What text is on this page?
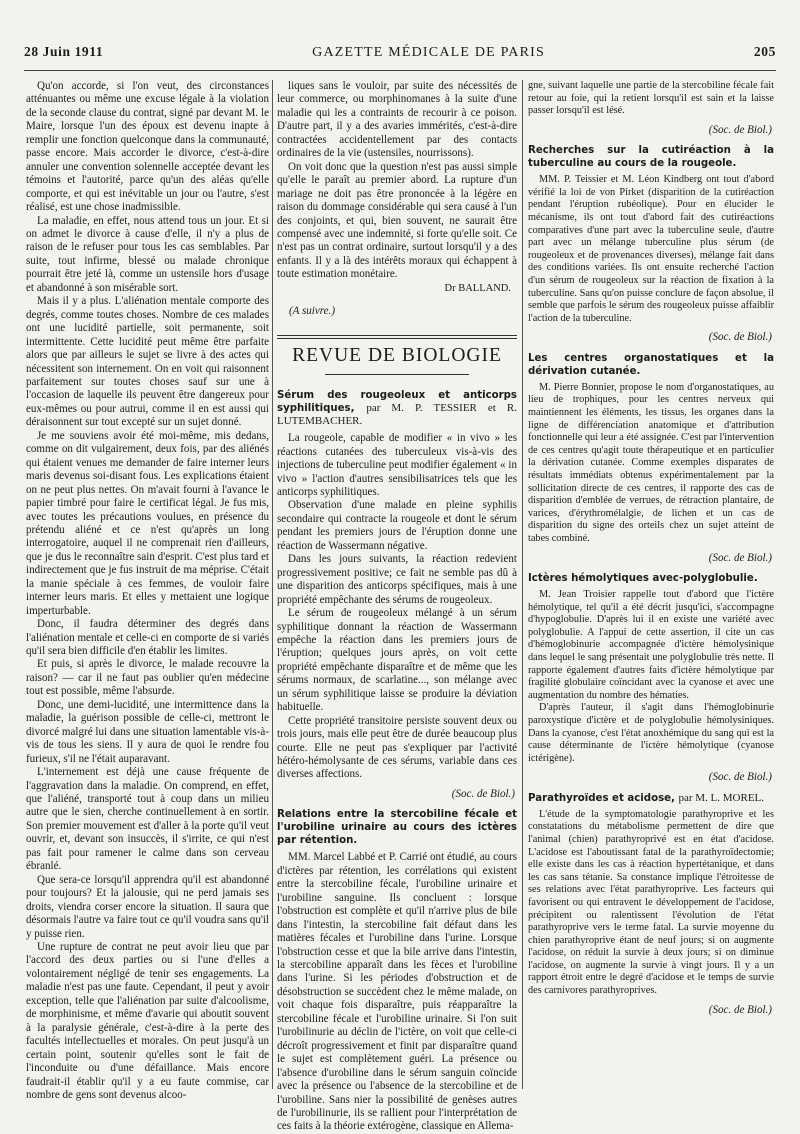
28 Juin 1911	GAZETTE MÉDICALE DE PARIS	205

Qu'on accorde, si l'on veut, des circonstances atténuantes ou même une excuse légale à la violation de la seconde clause du contrat, signé par devant M. le Maire, lorsque l'un des époux est devenu inapte à remplir une fonction quelconque dans la communauté, passe encore. Mais accorder le divorce, c'est-à-dire annuler une convention solennelle acceptée devant les témoins et l'autorité, parce qu'un des aléas qu'elle comporte, et qui est inévitable un jour ou l'autre, s'est réalisé, est une chose inadmissible.

La maladie, en effet, nous attend tous un jour. Et si on admet le divorce à cause d'elle, il n'y a plus de raison de le refuser pour tous les cas semblables. Par suite, tout infirme, blessé ou malade chronique pourrait être jeté là, comme un ustensile hors d'usage et abandonné à son misérable sort.

Mais il y a plus. L'aliénation mentale comporte des degrés, comme toutes choses. Nombre de ces malades ont une lucidité partielle, soit permanente, soit intermittente. Cette lucidité peut même être parfaite alors que par ailleurs le sujet se livre à des actes qui nécessitent son internement. On en voit qui raisonnent parfaitement sur toutes choses sauf sur une à l'occasion de laquelle ils peuvent être dangereux pour eux-mêmes ou pour autrui, comme il en est aussi qui déraisonnent sur tout excepté sur un sujet donné.

Je me souviens avoir été moi-même, mis dedans, comme on dit vulgairement, deux fois, par des aliénés qui étaient venues me demander de faire interner leurs maris devenus soi-disant fous. Les explications étaient on ne peut plus nettes. On m'avait fourni à l'avance le papier timbré pour faire le certificat légal. Je fus mis, avec toutes les précautions voulues, en présence du prétendu aliéné et ce n'est qu'après un long interrogatoire, auquel il ne comprenait rien d'ailleurs, que je dus le reconnaître sain d'esprit. C'est plus tard et indirectement que je fus instruit de ma méprise. C'était la manie spéciale à ces femmes, de vouloir faire interner leurs maris. Et elles y mettaient une logique imperturbable.

Donc, il faudra déterminer des degrés dans l'aliénation mentale et celle-ci en comporte de si variés qu'il sera bien difficile d'en établir les limites.

Et puis, si après le divorce, le malade recouvre la raison? — car il ne faut pas oublier qu'en médecine tout est possible, même l'absurde.

Donc, une demi-lucidité, une intermittence dans la maladie, la guérison possible de celle-ci, mettront le divorcé malgré lui dans une situation lamentable vis-à-vis de tous les siens. Il y aura de quoi le rendre fou furieux, s'il ne l'était auparavant.

L'internement est déjà une cause fréquente de l'aggravation dans la maladie. On comprend, en effet, que l'aliéné, transporté tout à coup dans un milieu autre que le sien, cherche continuellement à en sortir. Son premier mouvement est d'aller à la porte qu'il veut ouvrir, et, devant son insuccès, il s'irrite, ce qui n'est pas fait pour ramener le calme dans son cerveau ébranlé.

Que sera-ce lorsqu'il apprendra qu'il est abandonné pour toujours? Et la jalousie, qui ne perd jamais ses droits, viendra corser encore la situation. Il saura que désormais l'autre va faire tout ce qu'il voudra sans qu'il y puisse rien.

Une rupture de contrat ne peut avoir lieu que par l'accord des deux parties ou si l'une d'elles a volontairement négligé de tenir ses engagements. La maladie n'est pas une faute. Cependant, il peut y avoir exception, telle que l'aliénation par suite d'alcoolisme, de morphinisme, et même d'avarie qui aboutit souvent à la paralysie générale, c'est-à-dire à la perte des facultés intellectuelles et morales. On peut jusqu'à un certain point, soutenir qu'elles sont le fait de l'inconduite ou d'une défaillance. Mais encore faudrait-il établir qu'il y a eu faute commise, car nombre de gens sont devenus alcoo-

liques sans le vouloir, par suite des nécessités de leur commerce, ou morphinomanes à la suite d'une maladie qui les a contraints de recourir à ce poison. D'autre part, il y a des avaries immérités, c'est-à-dire contractées accidentellement par des contacts ordinaires de la vie (ustensiles, nourrissons).

On voit donc que la question n'est pas aussi simple qu'elle le paraît au premier abord. La rupture d'un mariage ne doit pas être prononcée à la légère en raison du dommage considérable qui sera causé à l'un des conjoints, et qui, bien souvent, ne saurait être compensé avec une indemnité, si forte qu'elle soit. Ce n'est pas un contrat ordinaire, surtout lorsqu'il y a des enfants. Il y a là des intérêts moraux qui échappent à toute estimation monétaire.

Dr BALLAND.
(A suivre.)
REVUE DE BIOLOGIE
Sérum des rougeoleux et anticorps syphilitiques, par M. P. TESSIER et R. LUTEMBACHER.

La rougeole, capable de modifier « in vivo » les réactions cutanées des tuberculeux vis-à-vis des injections de tuberculine peut modifier également « in vivo » l'action d'autres sensibilisatrices tels que les anticorps syphilitiques.

Observation d'une malade en pleine syphilis secondaire qui contracte la rougeole et dont le sérum pendant les premiers jours de l'éruption donne une réaction de Wassermann négative.

Dans les jours suivants, la réaction redevient progressivement positive; ce fait ne semble pas dû à une disparition des anticorps spécifiques, mais à une propriété empêchante des sérums de rougeoleux.

Le sérum de rougeoleux mélangé à un sérum syphilitique donnant la réaction de Wassermann empêche la réaction dans les premiers jours de l'éruption; quelques jours après, on voit cette propriété empêchante disparaître et de même que les sérums normaux, de scarlatine..., son mélange avec un sérum syphilitique laisse se produire la déviation habituelle.

Cette propriété transitoire persiste souvent deux ou trois jours, mais elle peut être de durée beaucoup plus courte. Elle ne peut pas s'expliquer par l'activité hétéro-hémolysante de ces sérums, variable dans ces diverses affections.

(Soc. de Biol.)
Relations entre la stercobiline fécale et l'urobiline urinaire au cours des ictères par rétention.

MM. Marcel Labbé et P. Carrié ont étudié, au cours d'ictères par rétention, les corrélations qui existent entre la stercobiline fécale, l'urobiline urinaire et l'urobiline sanguine. Ils concluent : lorsque l'obstruction est complète et qu'il n'arrive plus de bile dans l'intestin, la stercobiline fait défaut dans les matières fécales et l'urobiline dans l'urine. Lorsque l'obstruction cesse et que la bile arrive dans l'intestin, la stercobiline apparaît dans les fèces et l'urobiline dans l'urine. Si les périodes d'obstruction et de désobstruction se succèdent chez le même malade, on voit chaque fois disparaître, puis réapparaître la stercobiline fécale et l'urobiline urinaire. Si l'on suit l'urobilinurie au déclin de l'ictère, on voit que celle-ci décroît progressivement et finit par disparaître quand le sujet est complètement guéri. La présence ou l'absence d'urobiline dans le sérum sanguin coïncide avec la présence ou l'absence de la stercobiline et de l'urobiline. Sans nier la possibilité de genèses autres de l'urobilinurie, ils se rallient pour l'interprétation de ces faits à la théorie extérogène, classique en Allema-

gne, suivant laquelle une partie de la stercobiline fécale fait retour au foie, qui la retient lorsqu'il est sain et la laisse passer lorsqu'il est lésé.

(Soc. de Biol.)
Recherches sur la cutiréaction à la tuberculine au cours de la rougeole.

MM. P. Teissier et M. Léon Kindberg ont tout d'abord vérifié la loi de von Pirket (disparition de la cutiréaction pendant l'éruption rubéolique). Pour en élucider le mécanisme, ils ont tout d'abord fait des cutiréactions comparatives d'une part avec la tuberculine seule, d'autre part avec un mélange tuberculine plus sérum (de rougeoleux et de provenances diverses), mélange fait dans des conditions variées. Ils ont ensuite recherché l'action d'un sérum de rougeoleux sur la réaction de fixation à la tuberculine. Sans qu'on puisse conclure de façon absolue, il semble que parfois le sérum des rougeoleux puisse affaiblir l'action de la tuberculine.

(Soc. de Biol.)
Les centres organostatiques et la dérivation cutanée.

M. Pierre Bonnier, propose le nom d'organostatiques, au lieu de trophiques, pour les centres nerveux qui maintiennent les éléments, les tissus, les organes dans la ligne de différenciation anatomique et d'attribution fonctionnelle qui leur a été assignée. C'est par l'intervention de ces centres qu'agit toute thérapeutique et en particulier la dérivation cutanée. Comme exemples disparates de résultats immédiats obtenus expérimentalement par la sollicitation directe de ces centres, il rapporte des cas de disparition d'emblée de verrues, de rétraction plantaire, de varices, d'érythromélalgie, de lichen et un cas de disparition du signe des orteils chez un sujet atteint de tabes combiné.

(Soc. de Biol.)
Ictères hémolytiques avec-polyglobulie.

M. Jean Troisier rappelle tout d'abord que l'ictère hémolytique, tel qu'il a été décrit jusqu'ici, s'accompagne d'hypoglobulie. D'après lui il en existe une variété avec polyglobulie. A l'appui de cette assertion, il cite un cas d'hémoglobinurie accompagnée d'ictère hémolysinique dans lequel le sang présentait une polyglobulie très nette. Il rapporte également d'autres faits d'ictère hémolytique par fragilité globulaire coïncidant avec la cyanose et avec une augmentation du nombre des hématies.

D'après l'auteur, il s'agit dans l'hémoglobinurie paroxystique d'ictère et de polyglobulie hémolysiniques. Dans la cyanose, c'est l'état anoxhémique du sang qui est la cause déterminante de l'ictère hémolytique (cyanose ictérigène).

(Soc. de Biol.)
Parathyroïdes et acidose, par M. L. MOREL.

L'étude de la symptomatologie parathyroprive et les constatations du métabolisme permettent de dire que l'animal (chien) parathyroprivé est en état d'acidose. L'acidose est l'aboutissant fatal de la parathyroïdectomie; elle existe dans les cas à réaction hypertétanique, et dans les cas sans tétanie. Sa constance implique l'étroitesse de ses relations avec l'état parathyroprive. Les facteurs qui favorisent ou qui entravent le développement de l'acidose, précipitent ou ralentissent l'évolution de l'état parathyroprive vers le terme fatal. La survie moyenne du chien parathyroprive étant de neuf jours; si on augmente l'acidose, on réduit la survie à deux jours; si on diminue l'acidose, on augmente la survie à vingt jours. Il y a un rapport étroit entre le degré d'acidose et le temps de survie des carnivores parathyroprives.

(Soc. de Biol.)
